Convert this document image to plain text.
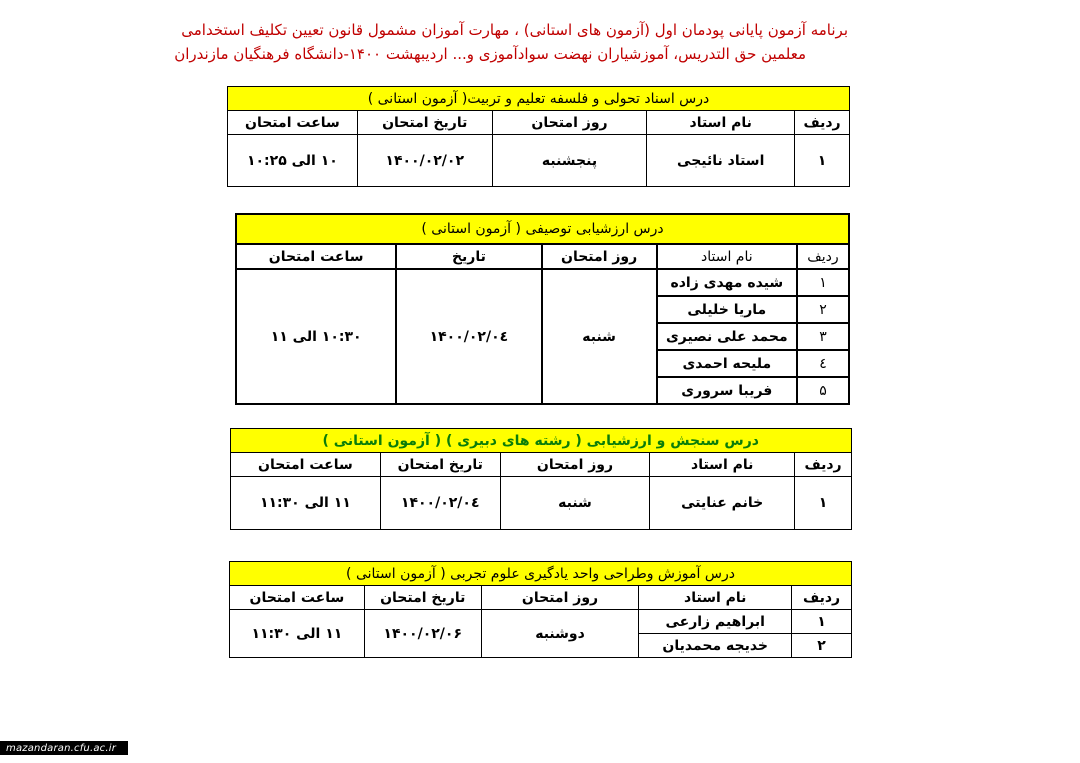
برنامه آزمون پایانی پودمان اول (آزمون های استانی) ، مهارت آموزان مشمول قانون تعیین تکلیف استخدامی
معلمین حق التدریس، آموزشیاران نهضت سوادآموزی و... اردیبهشت ۱۴۰۰-دانشگاه فرهنگیان مازندران
درس اسناد تحولی و فلسفه تعلیم و تربیت( آزمون استانی )				
ردیف	نام استاد	روز امتحان	تاریخ امتحان	ساعت امتحان
۱	استاد نائیجی	پنجشنبه	۱۴۰۰/۰۲/۰۲	۱۰ الی ۱۰:۲۵
درس ارزشیابی توصیفی ( آزمون استانی )				
ردیف	نام استاد	روز امتحان	تاریخ	ساعت امتحان
۱	شیده مهدی زاده	شنبه	۱۴۰۰/۰۲/۰٤	۱۰:۳۰ الی ۱۱
۲	ماریا خلیلی			
۳	محمد علی نصیری			
٤	ملیحه احمدی			
۵	فریبا سروری			
درس سنجش و ارزشیابی ( رشته های دبیری ) ( آزمون استانی )				
ردیف	نام استاد	روز امتحان	تاریخ امتحان	ساعت امتحان
۱	خانم عنایتی	شنبه	۱۴۰۰/۰۲/۰٤	۱۱ الی ۱۱:۳۰
درس آموزش وطراحی واحد یادگیری علوم تجربی ( آزمون استانی )				
ردیف	نام استاد	روز امتحان	تاریخ امتحان	ساعت امتحان
۱	ابراهیم زارعی	دوشنبه	۱۴۰۰/۰۲/۰۶	۱۱ الی ۱۱:۳۰
۲	خدیجه محمدیان			
mazandaran.cfu.ac.ir
